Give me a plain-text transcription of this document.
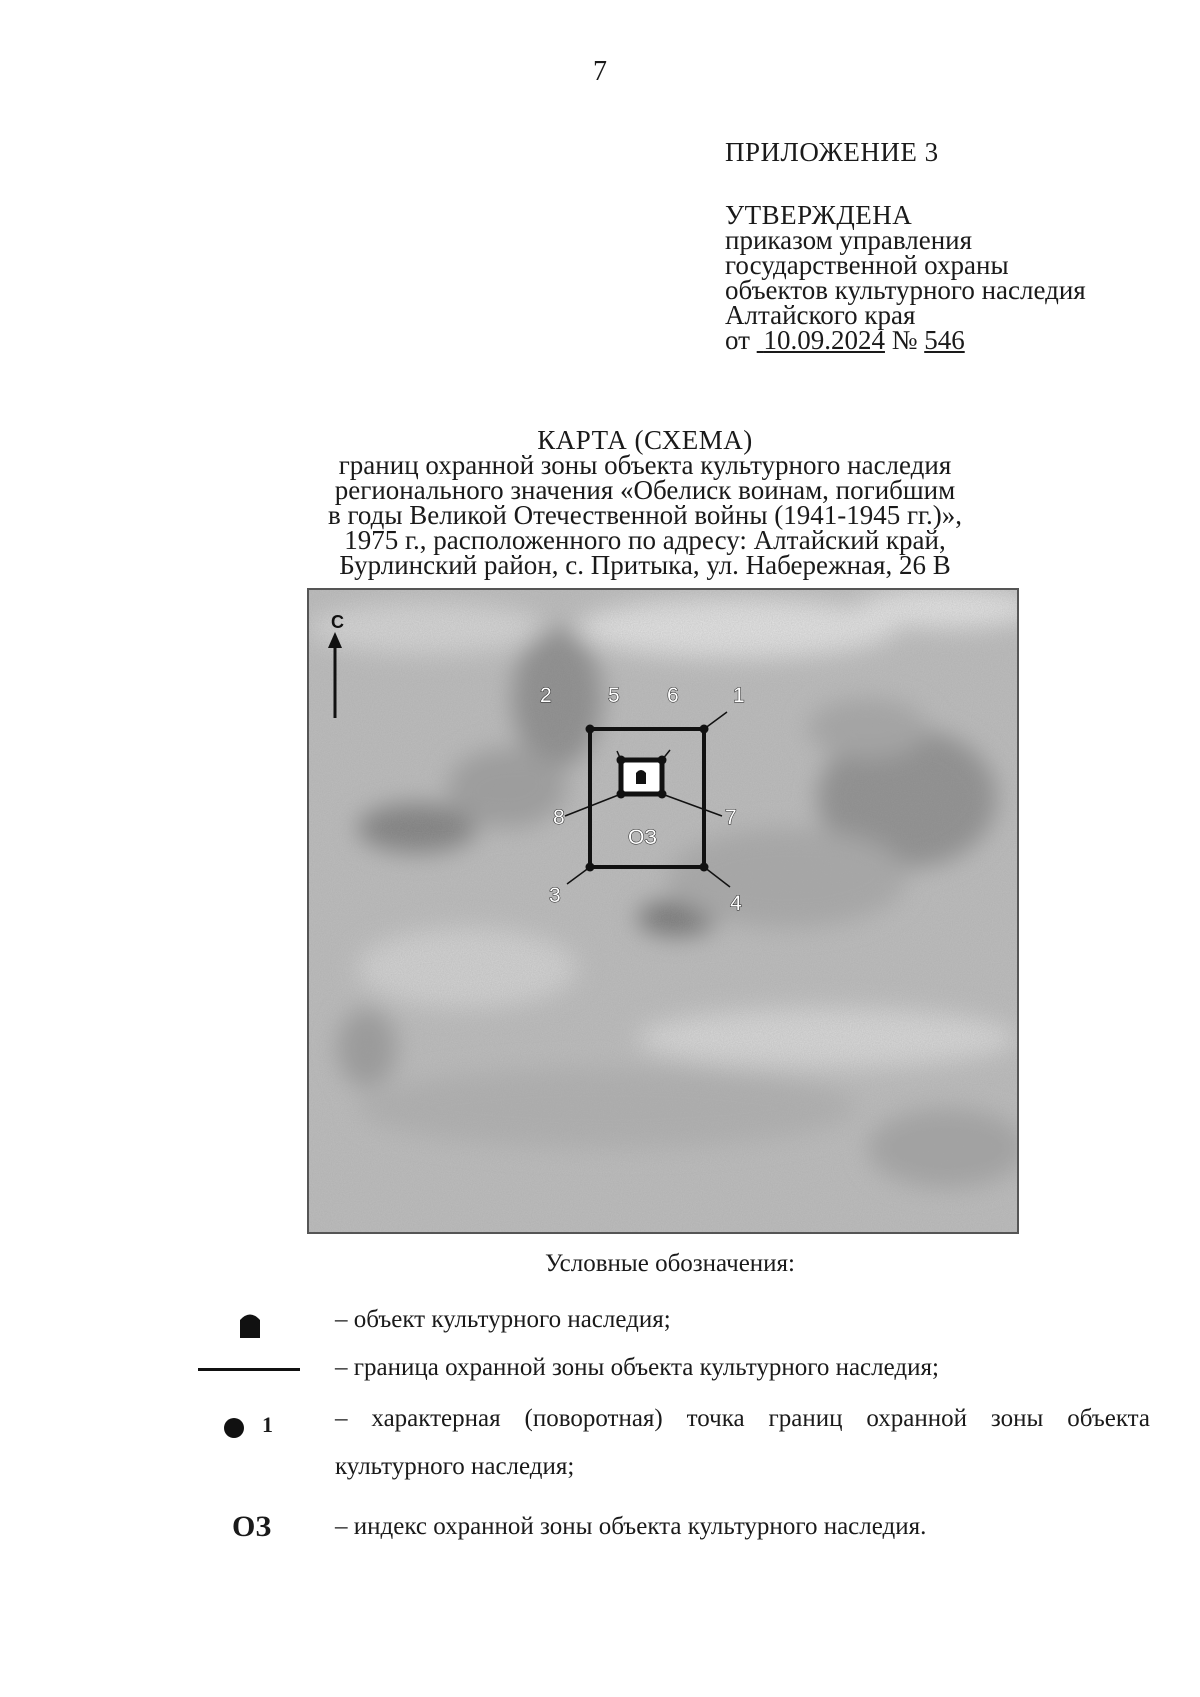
7
ПРИЛОЖЕНИЕ 3
УТВЕРЖДЕНА
приказом управления
государственной охраны
объектов культурного наследия
Алтайского края
от 10.09.2024 № 546
КАРТА (СХЕМА)
границ охранной зоны объекта культурного наследия
регионального значения «Обелиск воинам, погибшим
в годы Великой Отечественной войны (1941-1945 гг.)»,
1975 г., расположенного по адресу: Алтайский край,
Бурлинский район, с. Притыка, ул. Набережная, 26 В
С
1
2
3	4
5 6
7
8
ОЗ
Условные обозначения:
– объект культурного наследия;
– граница охранной зоны объекта культурного наследия;
1 – характерная (поворотная) точка границ охранной зоны объекта культурного наследия;
ОЗ	– индекс охранной зоны объекта культурного наследия.
